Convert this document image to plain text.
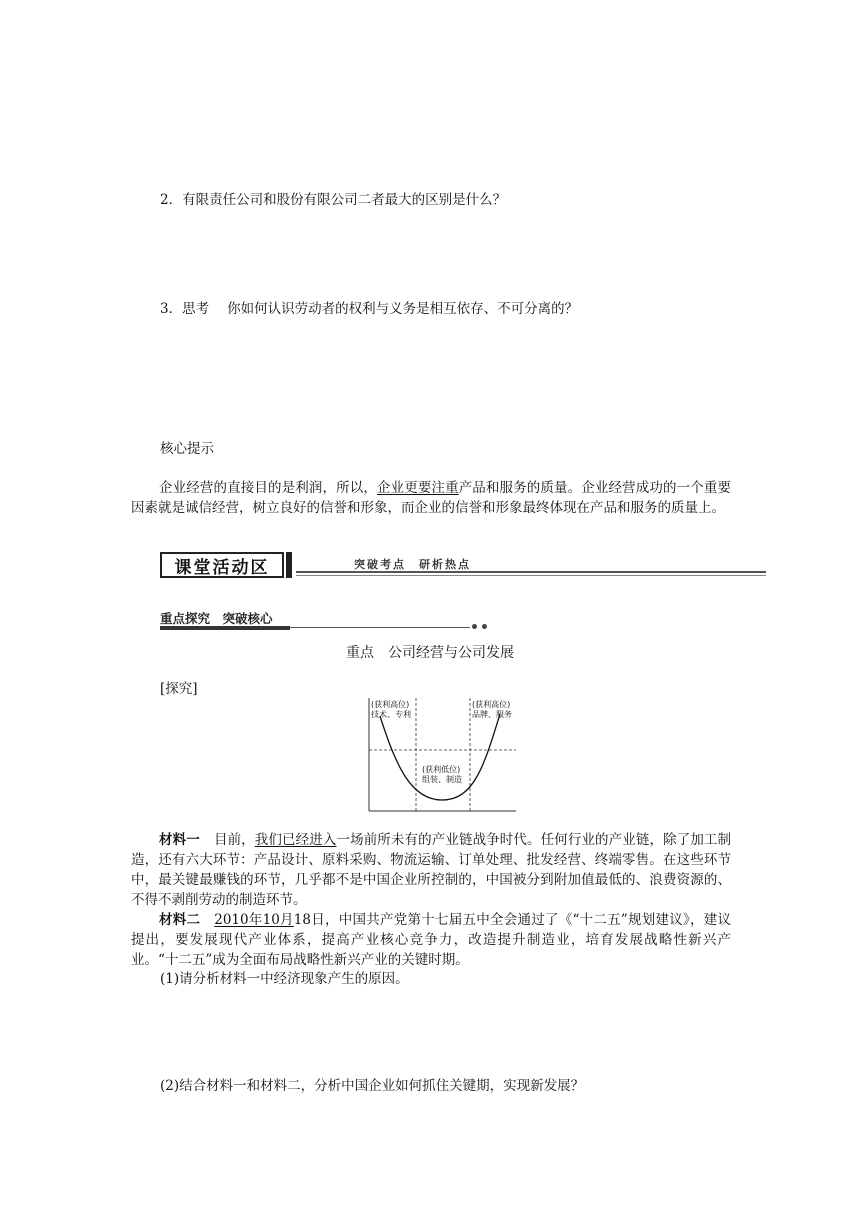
2．有限责任公司和股份有限公司二者最大的区别是什么？
3．思考 你如何认识劳动者的权利与义务是相互依存、不可分离的？
核心提示
企业经营的直接目的是利润，所以，企业更要注重产品和服务的质量。企业经营成功的一个重要因素就是诚信经营，树立良好的信誉和形象，而企业的信誉和形象最终体现在产品和服务的质量上。
课堂活动区	突破考点　研析热点
重点探究　突破核心
重点　公司经营与公司发展
[探究]
(获利高位)
技术、专利
(获利高位)
品牌、服务
(获利低位)
组装、制造
材料一 目前，我们已经进入一场前所未有的产业链战争时代。任何行业的产业链，除了加工制造，还有六大环节：产品设计、原料采购、物流运输、订单处理、批发经营、终端零售。在这些环节中，最关键最赚钱的环节，几乎都不是中国企业所控制的，中国被分到附加值最低的、浪费资源的、不得不剥削劳动的制造环节。
材料二 2010年10月18日，中国共产党第十七届五中全会通过了《“十二五”规划建议》，建议提出，要发展现代产业体系，提高产业核心竞争力，改造提升制造业，培育发展战略性新兴产业。“十二五”成为全面布局战略性新兴产业的关键时期。
(1)请分析材料一中经济现象产生的原因。
(2)结合材料一和材料二，分析中国企业如何抓住关键期，实现新发展？
